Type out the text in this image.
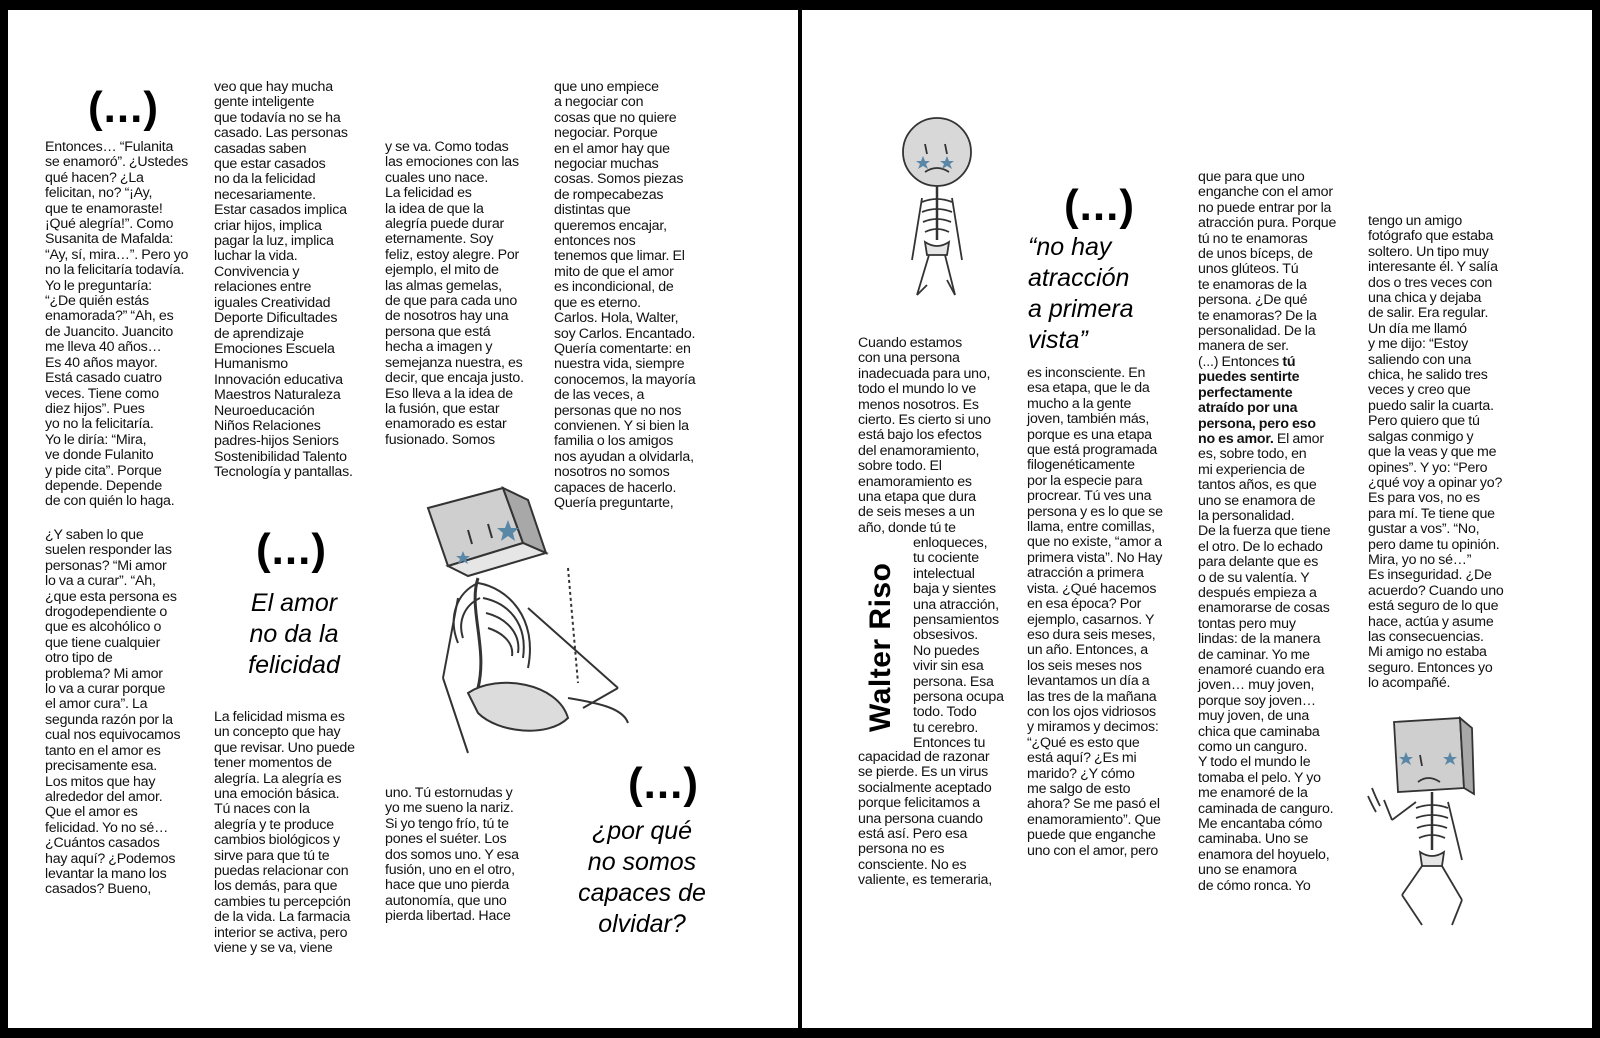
(...)
Entonces… “Fulanita
se enamoró”. ¿Ustedes
qué hacen? ¿La
felicitan, no? “¡Ay,
que te enamoraste!
¡Qué alegría!”. Como
Susanita de Mafalda:
“Ay, sí, mira…”. Pero yo
no la felicitaría todavía.
Yo le preguntaría:
“¿De quién estás
enamorada?” “Ah, es
de Juancito. Juancito
me lleva 40 años…
Es 40 años mayor.
Está casado cuatro
veces. Tiene como
diez hijos”. Pues
yo no la felicitaría.
Yo le diría: “Mira,
ve donde Fulanito
y pide cita”. Porque
depende. Depende
de con quién lo haga.
¿Y saben lo que
suelen responder las
personas? “Mi amor
lo va a curar”. “Ah,
¿que esta persona es
drogodependiente o
que es alcohólico o
que tiene cualquier
otro tipo de
problema? Mi amor
lo va a curar porque
el amor cura”. La
segunda razón por la
cual nos equivocamos
tanto en el amor es
precisamente esa.
Los mitos que hay
alrededor del amor.
Que el amor es
felicidad. Yo no sé…
¿Cuántos casados
hay aquí? ¿Podemos
levantar la mano los
casados? Bueno,
veo que hay mucha
gente inteligente
que todavía no se ha
casado. Las personas
casadas saben
que estar casados
no da la felicidad
necesariamente.
Estar casados implica
criar hijos, implica
pagar la luz, implica
luchar la vida.
Convivencia y
relaciones entre
iguales Creatividad
Deporte Dificultades
de aprendizaje
Emociones Escuela
Humanismo
Innovación educativa
Maestros Naturaleza
Neuroeducación
Niños Relaciones
padres-hijos Seniors
Sostenibilidad Talento
Tecnología y pantallas.
(...)
El amor
no da la
felicidad
La felicidad misma es
un concepto que hay
que revisar. Uno puede
tener momentos de
alegría. La alegría es
una emoción básica.
Tú naces con la
alegría y te produce
cambios biológicos y
sirve para que tú te
puedas relacionar con
los demás, para que
cambies tu percepción
de la vida. La farmacia
interior se activa, pero
viene y se va, viene
y se va. Como todas
las emociones con las
cuales uno nace.
La felicidad es
la idea de que la
alegría puede durar
eternamente. Soy
feliz, estoy alegre. Por
ejemplo, el mito de
las almas gemelas,
de que para cada uno
de nosotros hay una
persona que está
hecha a imagen y
semejanza nuestra, es
decir, que encaja justo.
Eso lleva a la idea de
la fusión, que estar
enamorado es estar
fusionado. Somos
uno. Tú estornudas y
yo me sueno la nariz.
Si yo tengo frío, tú te
pones el suéter. Los
dos somos uno. Y esa
fusión, uno en el otro,
hace que uno pierda
autonomía, que uno
pierda libertad. Hace
que uno empiece
a negociar con
cosas que no quiere
negociar. Porque
en el amor hay que
negociar muchas
cosas. Somos piezas
de rompecabezas
distintas que
queremos encajar,
entonces nos
tenemos que limar. El
mito de que el amor
es incondicional, de
que es eterno.
Carlos. Hola, Walter,
soy Carlos. Encantado.
Quería comentarte: en
nuestra vida, siempre
conocemos, la mayoría
de las veces, a
personas que no nos
convienen. Y si bien la
familia o los amigos
nos ayudan a olvidarla,
nosotros no somos
capaces de hacerlo.
Quería preguntarte,
(...)
¿por qué
no somos
capaces de
olvidar?
(...)
“no hay
atracción
a primera
vista”
Cuando estamos
con una persona
inadecuada para uno,
todo el mundo lo ve
menos nosotros. Es
cierto. Es cierto si uno
está bajo los efectos
del enamoramiento,
sobre todo. El
enamoramiento es
una etapa que dura
de seis meses a un
año, donde tú te
Walter Riso
enloqueces,
tu cociente
intelectual
baja y sientes
una atracción,
pensamientos
obsesivos.
No puedes
vivir sin esa
persona. Esa
persona ocupa
todo. Todo
tu cerebro.
Entonces tu
capacidad de razonar
se pierde. Es un virus
socialmente aceptado
porque felicitamos a
una persona cuando
está así. Pero esa
persona no es
consciente. No es
valiente, es temeraria,
es inconsciente. En
esa etapa, que le da
mucho a la gente
joven, también más,
porque es una etapa
que está programada
filogenéticamente
por la especie para
procrear. Tú ves una
persona y es lo que se
llama, entre comillas,
que no existe, “amor a
primera vista”. No Hay
atracción a primera
vista. ¿Qué hacemos
en esa época? Por
ejemplo, casarnos. Y
eso dura seis meses,
un año. Entonces, a
los seis meses nos
levantamos un día a
las tres de la mañana
con los ojos vidriosos
y miramos y decimos:
“¿Qué es esto que
está aquí? ¿Es mi
marido? ¿Y cómo
me salgo de esto
ahora? Se me pasó el
enamoramiento”. Que
puede que enganche
uno con el amor, pero
que para que uno
enganche con el amor
no puede entrar por la
atracción pura. Porque
tú no te enamoras
de unos bíceps, de
unos glúteos. Tú
te enamoras de la
persona. ¿De qué
te enamoras? De la
personalidad. De la
manera de ser.
(...) Entonces tú
puedes sentirte
perfectamente
atraído por una
persona, pero eso
no es amor. El amor
es, sobre todo, en
mi experiencia de
tantos años, es que
uno se enamora de
la personalidad.
De la fuerza que tiene
el otro. De lo echado
para delante que es
o de su valentía. Y
después empieza a
enamorarse de cosas
tontas pero muy
lindas: de la manera
de caminar. Yo me
enamoré cuando era
joven… muy joven,
porque soy joven…
muy joven, de una
chica que caminaba
como un canguro.
Y todo el mundo le
tomaba el pelo. Y yo
me enamoré de la
caminada de canguro.
Me encantaba cómo
caminaba. Uno se
enamora del hoyuelo,
uno se enamora
de cómo ronca. Yo
tengo un amigo
fotógrafo que estaba
soltero. Un tipo muy
interesante él. Y salía
dos o tres veces con
una chica y dejaba
de salir. Era regular.
Un día me llamó
y me dijo: “Estoy
saliendo con una
chica, he salido tres
veces y creo que
puedo salir la cuarta.
Pero quiero que tú
salgas conmigo y
que la veas y que me
opines”. Y yo: “Pero
¿qué voy a opinar yo?
Es para vos, no es
para mí. Te tiene que
gustar a vos”. “No,
pero dame tu opinión.
Mira, yo no sé…”
Es inseguridad. ¿De
acuerdo? Cuando uno
está seguro de lo que
hace, actúa y asume
las consecuencias.
Mi amigo no estaba
seguro. Entonces yo
lo acompañé.
